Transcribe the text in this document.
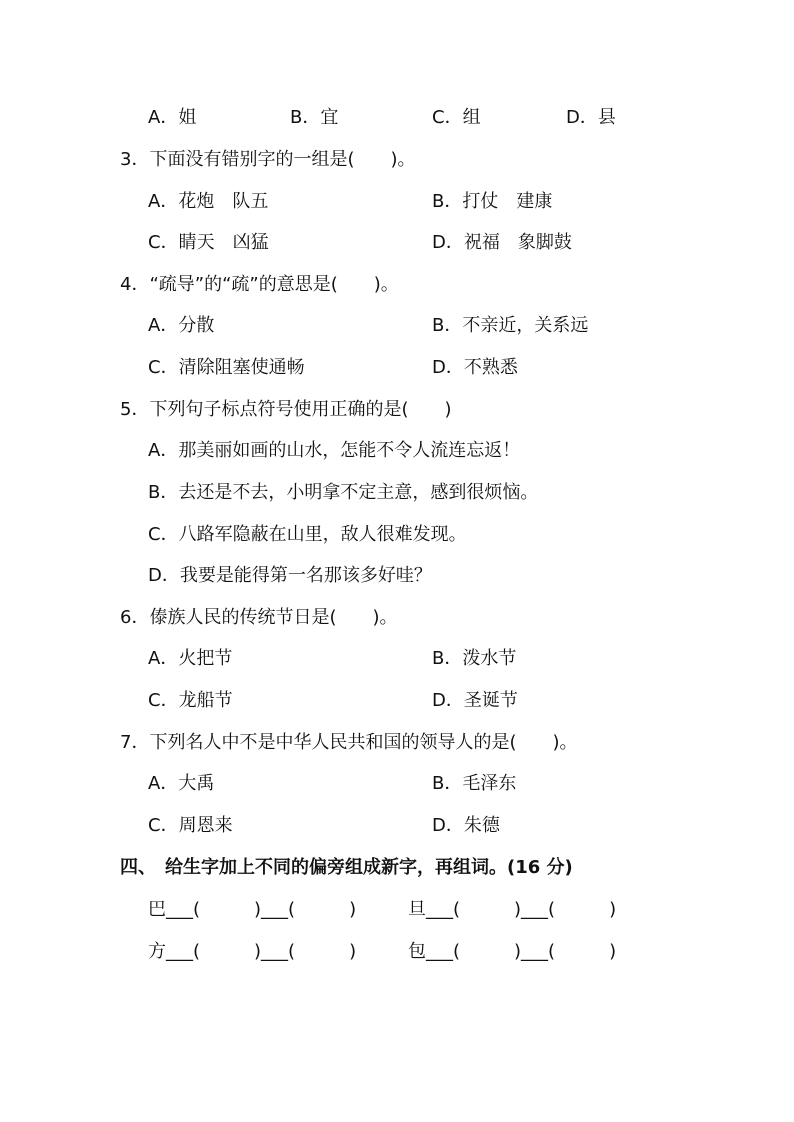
A．姐	B．宜	C．组	D．县
3．下面没有错别字的一组是(　　)。
A．花炮　队五	B．打仗　建康
C．睛天　凶猛	D．祝福　象脚鼓
4．“疏导”的“疏”的意思是(　　)。
A．分散	B．不亲近，关系远
C．清除阻塞使通畅	D．不熟悉
5．下列句子标点符号使用正确的是(　　)
A．那美丽如画的山水，怎能不令人流连忘返！
B．去还是不去，小明拿不定主意，感到很烦恼。
C．八路军隐蔽在山里，敌人很难发现。
D．我要是能得第一名那该多好哇？
6．傣族人民的传统节日是(　　)。
A．火把节	B．泼水节
C．龙船节	D．圣诞节
7．下列名人中不是中华人民共和国的领导人的是(　　)。
A．大禹	B．毛泽东
C．周恩来	D．朱德
四、　给生字加上不同的偏旁组成新字，再组词。(16 分)
巴___(　　　)___(　　　)	旦___(　　　)___(　　　)
方___(　　　)___(　　　)	包___(　　　)___(　　　)
